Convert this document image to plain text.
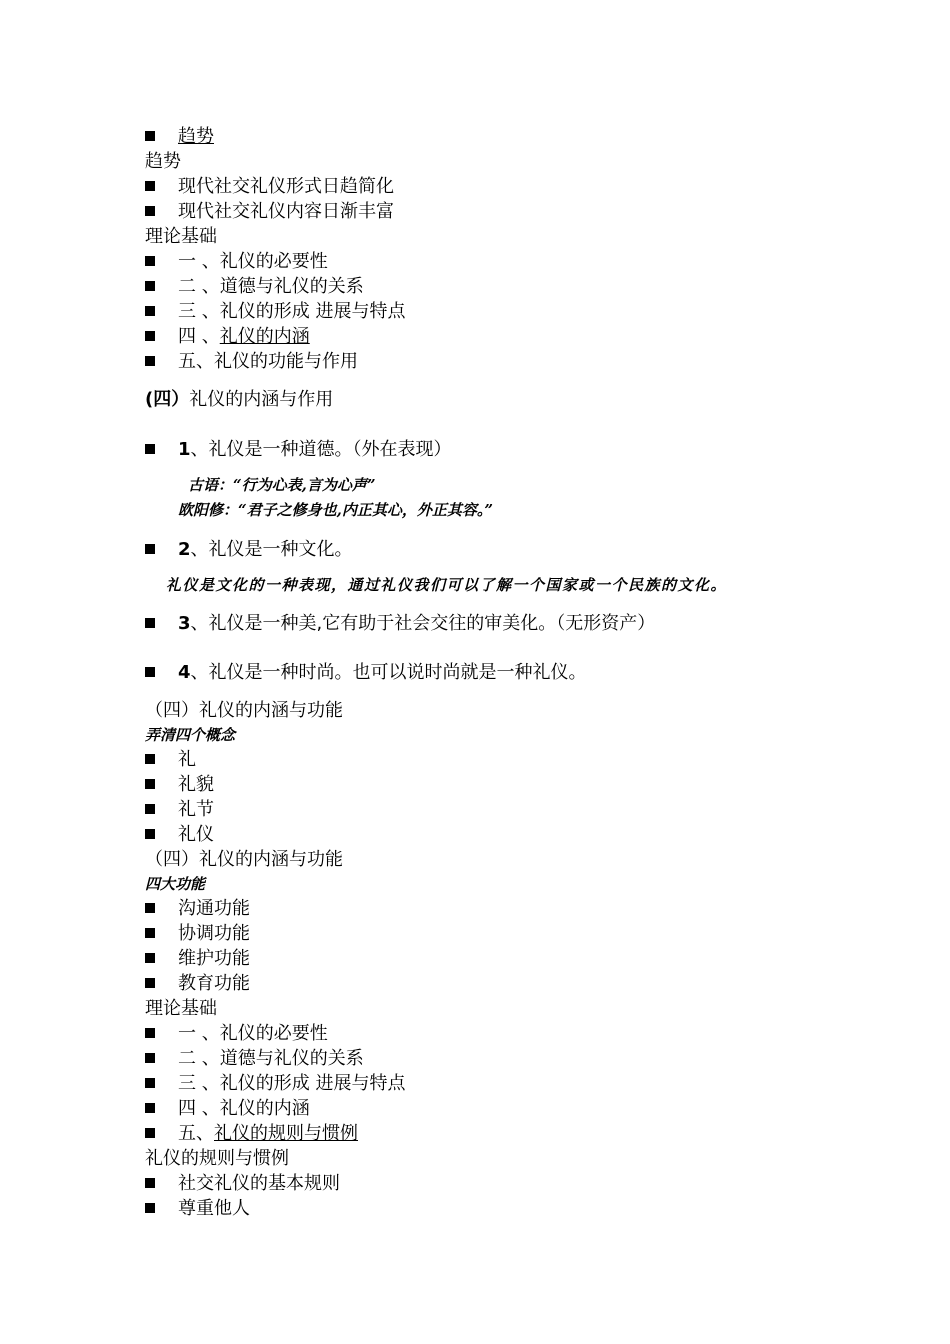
趋势
趋势
现代社交礼仪形式日趋简化
现代社交礼仪内容日渐丰富
理论基础
一 、礼仪的必要性
二 、道德与礼仪的关系
三 、礼仪的形成 进展与特点
四 、礼仪的内涵
五、礼仪的功能与作用
(四）礼仪的内涵与作用
1、礼仪是一种道德。（外在表现）
古语：“行为心表,言为心声”
欧阳修：“君子之修身也,内正其心，外正其容。”
2、礼仪是一种文化。
礼仪是文化的一种表现，通过礼仪我们可以了解一个国家或一个民族的文化。
3、礼仪是一种美,它有助于社会交往的审美化。（无形资产）
4、礼仪是一种时尚。也可以说时尚就是一种礼仪。
（四）礼仪的内涵与功能
弄清四个概念
礼
礼貌
礼节
礼仪
（四）礼仪的内涵与功能
四大功能
沟通功能
协调功能
维护功能
教育功能
理论基础
一 、礼仪的必要性
二 、道德与礼仪的关系
三 、礼仪的形成 进展与特点
四 、礼仪的内涵
五、礼仪的规则与惯例
礼仪的规则与惯例
社交礼仪的基本规则
尊重他人
